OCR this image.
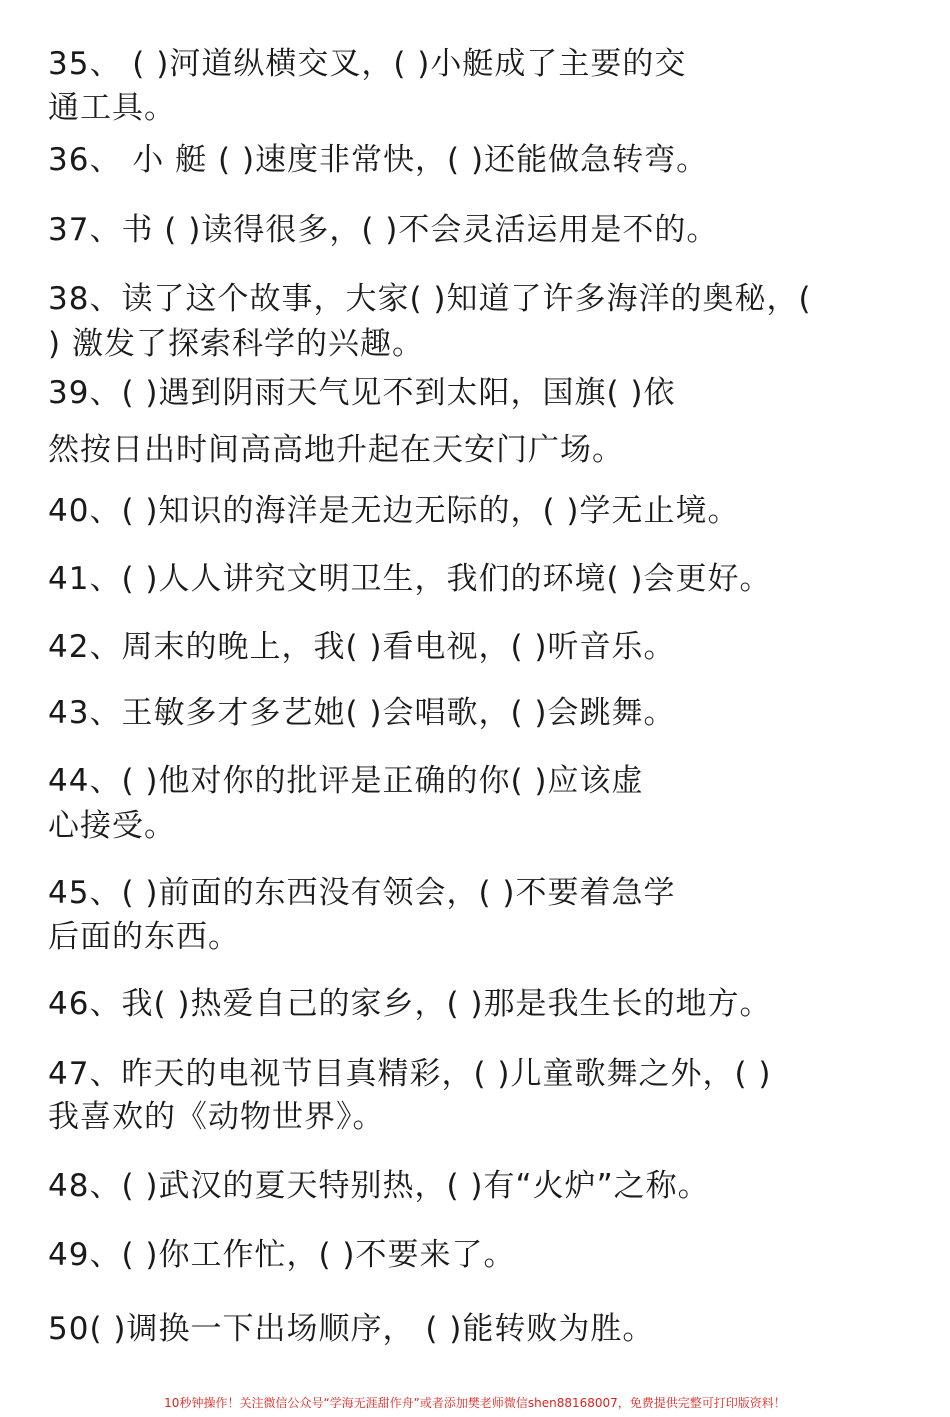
35、 ( )河道纵横交叉，( )小艇成了主要的交
通工具。
36、 小 艇 ( )速度非常快，( )还能做急转弯。
37、书 ( )读得很多，( )不会灵活运用是不的。
38、读了这个故事，大家( )知道了许多海洋的奥秘，(
) 激发了探索科学的兴趣。
39、( )遇到阴雨天气见不到太阳，国旗( )依
然按日出时间高高地升起在天安门广场。
40、( )知识的海洋是无边无际的，( )学无止境。
41、( )人人讲究文明卫生，我们的环境( )会更好。
42、周末的晚上，我( )看电视，( )听音乐。
43、王敏多才多艺她( )会唱歌，( )会跳舞。
44、( )他对你的批评是正确的你( )应该虚
心接受。
45、( )前面的东西没有领会，( )不要着急学
后面的东西。
46、我( )热爱自己的家乡，( )那是我生长的地方。
47、昨天的电视节目真精彩，( )儿童歌舞之外，( )
我喜欢的《动物世界》。
48、( )武汉的夏天特别热，( )有“火炉”之称。
49、( )你工作忙，( )不要来了。
50( )调换一下出场顺序， ( )能转败为胜。
10秒钟操作！关注微信公众号“学海无涯甜作舟”或者添加樊老师微信shen88168007，免费提供完整可打印版资料！
